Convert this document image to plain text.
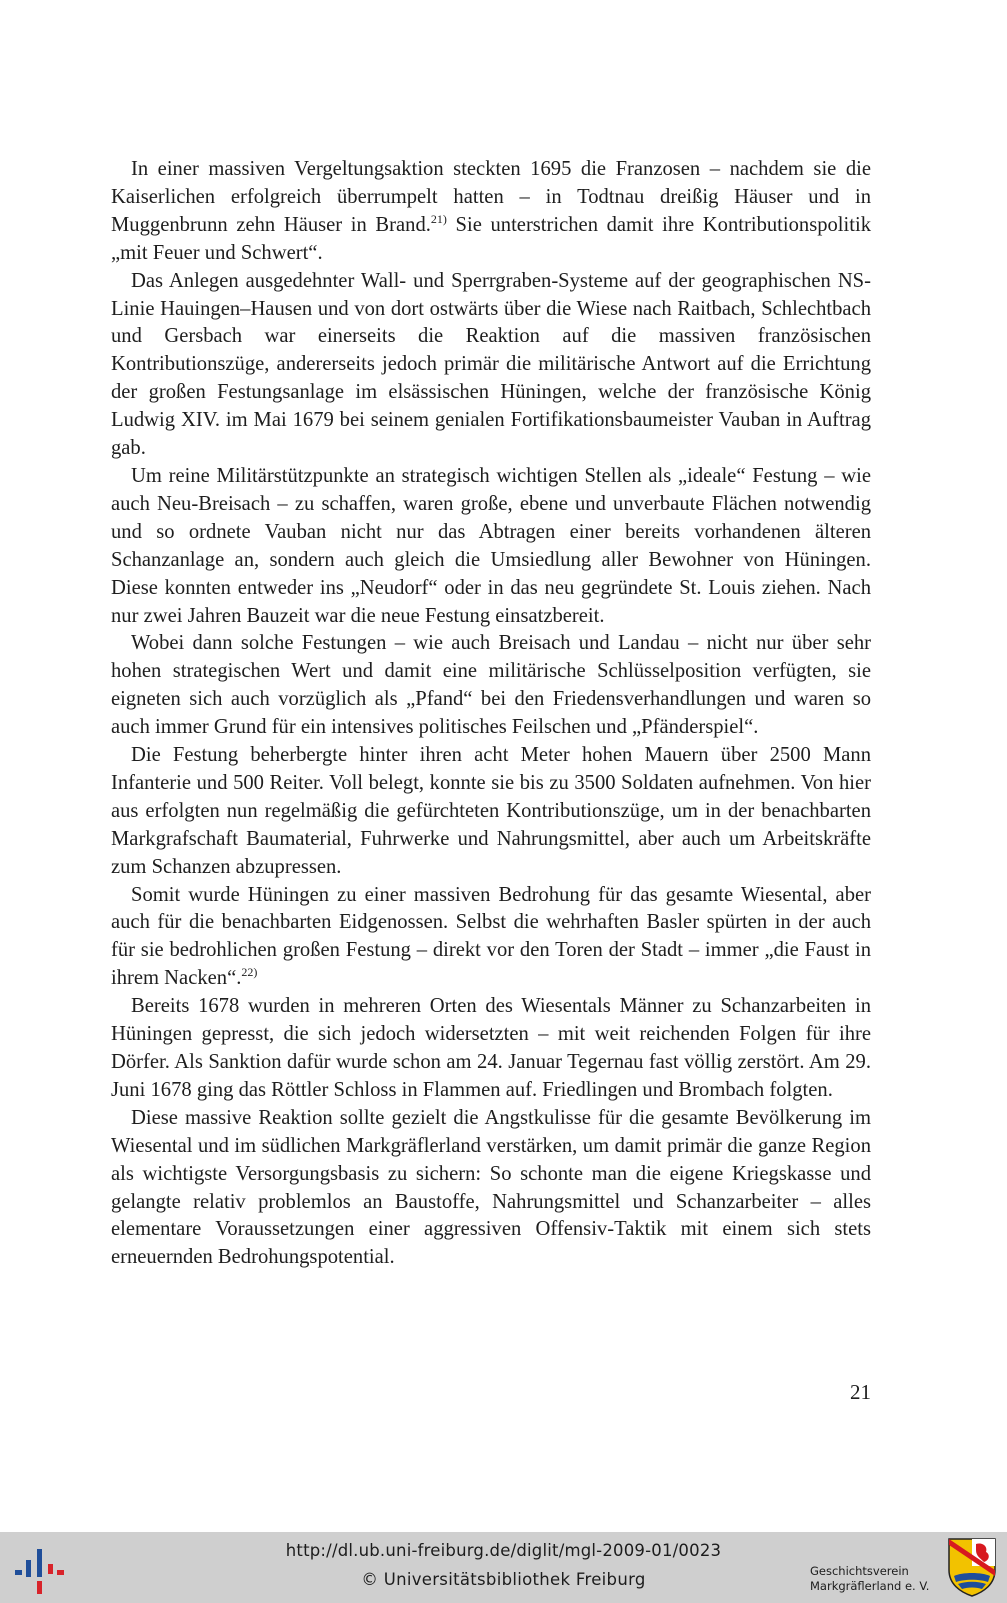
In einer massiven Vergeltungsaktion steckten 1695 die Franzosen – nachdem sie die Kaiserlichen erfolgreich überrumpelt hatten – in Todtnau dreißig Häuser und in Muggenbrunn zehn Häuser in Brand.$^{21)}$ Sie unterstrichen damit ihre Kontributionspolitik „mit Feuer und Schwert“.

Das Anlegen ausgedehnter Wall- und Sperrgraben-Systeme auf der geographischen NS-Linie Hauingen–Hausen und von dort ostwärts über die Wiese nach Raitbach, Schlechtbach und Gersbach war einerseits die Reaktion auf die massiven französischen Kontributionszüge, andererseits jedoch primär die militärische Antwort auf die Errichtung der großen Festungsanlage im elsässischen Hüningen, welche der französische König Ludwig XIV. im Mai 1679 bei seinem genialen Fortifikationsbaumeister Vauban in Auftrag gab.

Um reine Militärstützpunkte an strategisch wichtigen Stellen als „ideale“ Festung – wie auch Neu-Breisach – zu schaffen, waren große, ebene und unverbaute Flächen notwendig und so ordnete Vauban nicht nur das Abtragen einer bereits vorhandenen älteren Schanzanlage an, sondern auch gleich die Umsiedlung aller Bewohner von Hüningen. Diese konnten entweder ins „Neudorf“ oder in das neu gegründete St. Louis ziehen. Nach nur zwei Jahren Bauzeit war die neue Festung einsatzbereit.

Wobei dann solche Festungen – wie auch Breisach und Landau – nicht nur über sehr hohen strategischen Wert und damit eine militärische Schlüsselposition verfügten, sie eigneten sich auch vorzüglich als „Pfand“ bei den Friedensverhandlungen und waren so auch immer Grund für ein intensives politisches Feilschen und „Pfänderspiel“.

Die Festung beherbergte hinter ihren acht Meter hohen Mauern über 2500 Mann Infanterie und 500 Reiter. Voll belegt, konnte sie bis zu 3500 Soldaten aufnehmen. Von hier aus erfolgten nun regelmäßig die gefürchteten Kontributionszüge, um in der benachbarten Markgrafschaft Baumaterial, Fuhrwerke und Nahrungsmittel, aber auch um Arbeitskräfte zum Schanzen abzupressen.

Somit wurde Hüningen zu einer massiven Bedrohung für das gesamte Wiesental, aber auch für die benachbarten Eidgenossen. Selbst die wehrhaften Basler spürten in der auch für sie bedrohlichen großen Festung – direkt vor den Toren der Stadt – immer „die Faust in ihrem Nacken“.$^{22)}$

Bereits 1678 wurden in mehreren Orten des Wiesentals Männer zu Schanzarbeiten in Hüningen gepresst, die sich jedoch widersetzten – mit weit reichenden Folgen für ihre Dörfer. Als Sanktion dafür wurde schon am 24. Januar Tegernau fast völlig zerstört. Am 29. Juni 1678 ging das Röttler Schloss in Flammen auf. Friedlingen und Brombach folgten.

Diese massive Reaktion sollte gezielt die Angstkulisse für die gesamte Bevölkerung im Wiesental und im südlichen Markgräflerland verstärken, um damit primär die ganze Region als wichtigste Versorgungsbasis zu sichern: So schonte man die eigene Kriegskasse und gelangte relativ problemlos an Baustoffe, Nahrungsmittel und Schanzarbeiter – alles elementare Voraussetzungen einer aggressiven Offensiv-Taktik mit einem sich stets erneuernden Bedrohungspotential.

21
http://dl.ub.uni-freiburg.de/diglit/mgl-2009-01/0023
© Universitätsbibliothek Freiburg	Geschichtsverein
Markgräflerland e. V.
